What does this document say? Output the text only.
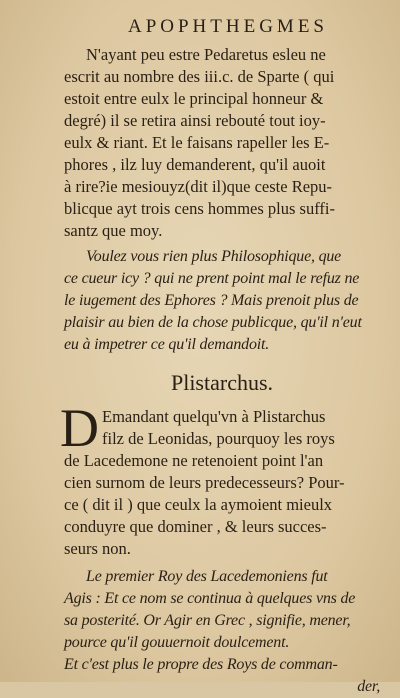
APOPHTHEGMES
N'ayant peu estre Pedaretus esleu ne
escrit au nombre des iii.c. de Sparte ( qui
estoit entre eulx le principal honneur &
degré) il se retira ainsi rebouté tout ioy-
eulx & riant. Et le faisans rapeller les E-
phores , ilz luy demanderent, qu'il auoit
à rire?ie mesiouyz(dit il)que ceste Repu-
blicque ayt trois cens hommes plus suffi-
santz que moy.
Voulez vous rien plus Philosophique, que
ce cueur icy ? qui ne prent point mal le refuz ne
le iugement des Ephores ? Mais prenoit plus de
plaisir au bien de la chose publicque, qu'il n'eut
eu à impetrer ce qu'il demandoit.
Plistarchus.
D Emandant quelqu'vn à Plistarchus
filz de Leonidas, pourquoy les roys
de Lacedemone ne retenoient point l'an
cien surnom de leurs predecesseurs? Pour-
ce ( dit il ) que ceulx la aymoient mieulx
conduyre que dominer , & leurs succes-
seurs non.
Le premier Roy des Lacedemoniens fut
Agis : Et ce nom se continua à quelques vns de
sa posterité. Or Agir en Grec , signifie, mener,
pource qu'il gouuernoit doulcement.
Et c'est plus le propre des Roys de comman-
der,
